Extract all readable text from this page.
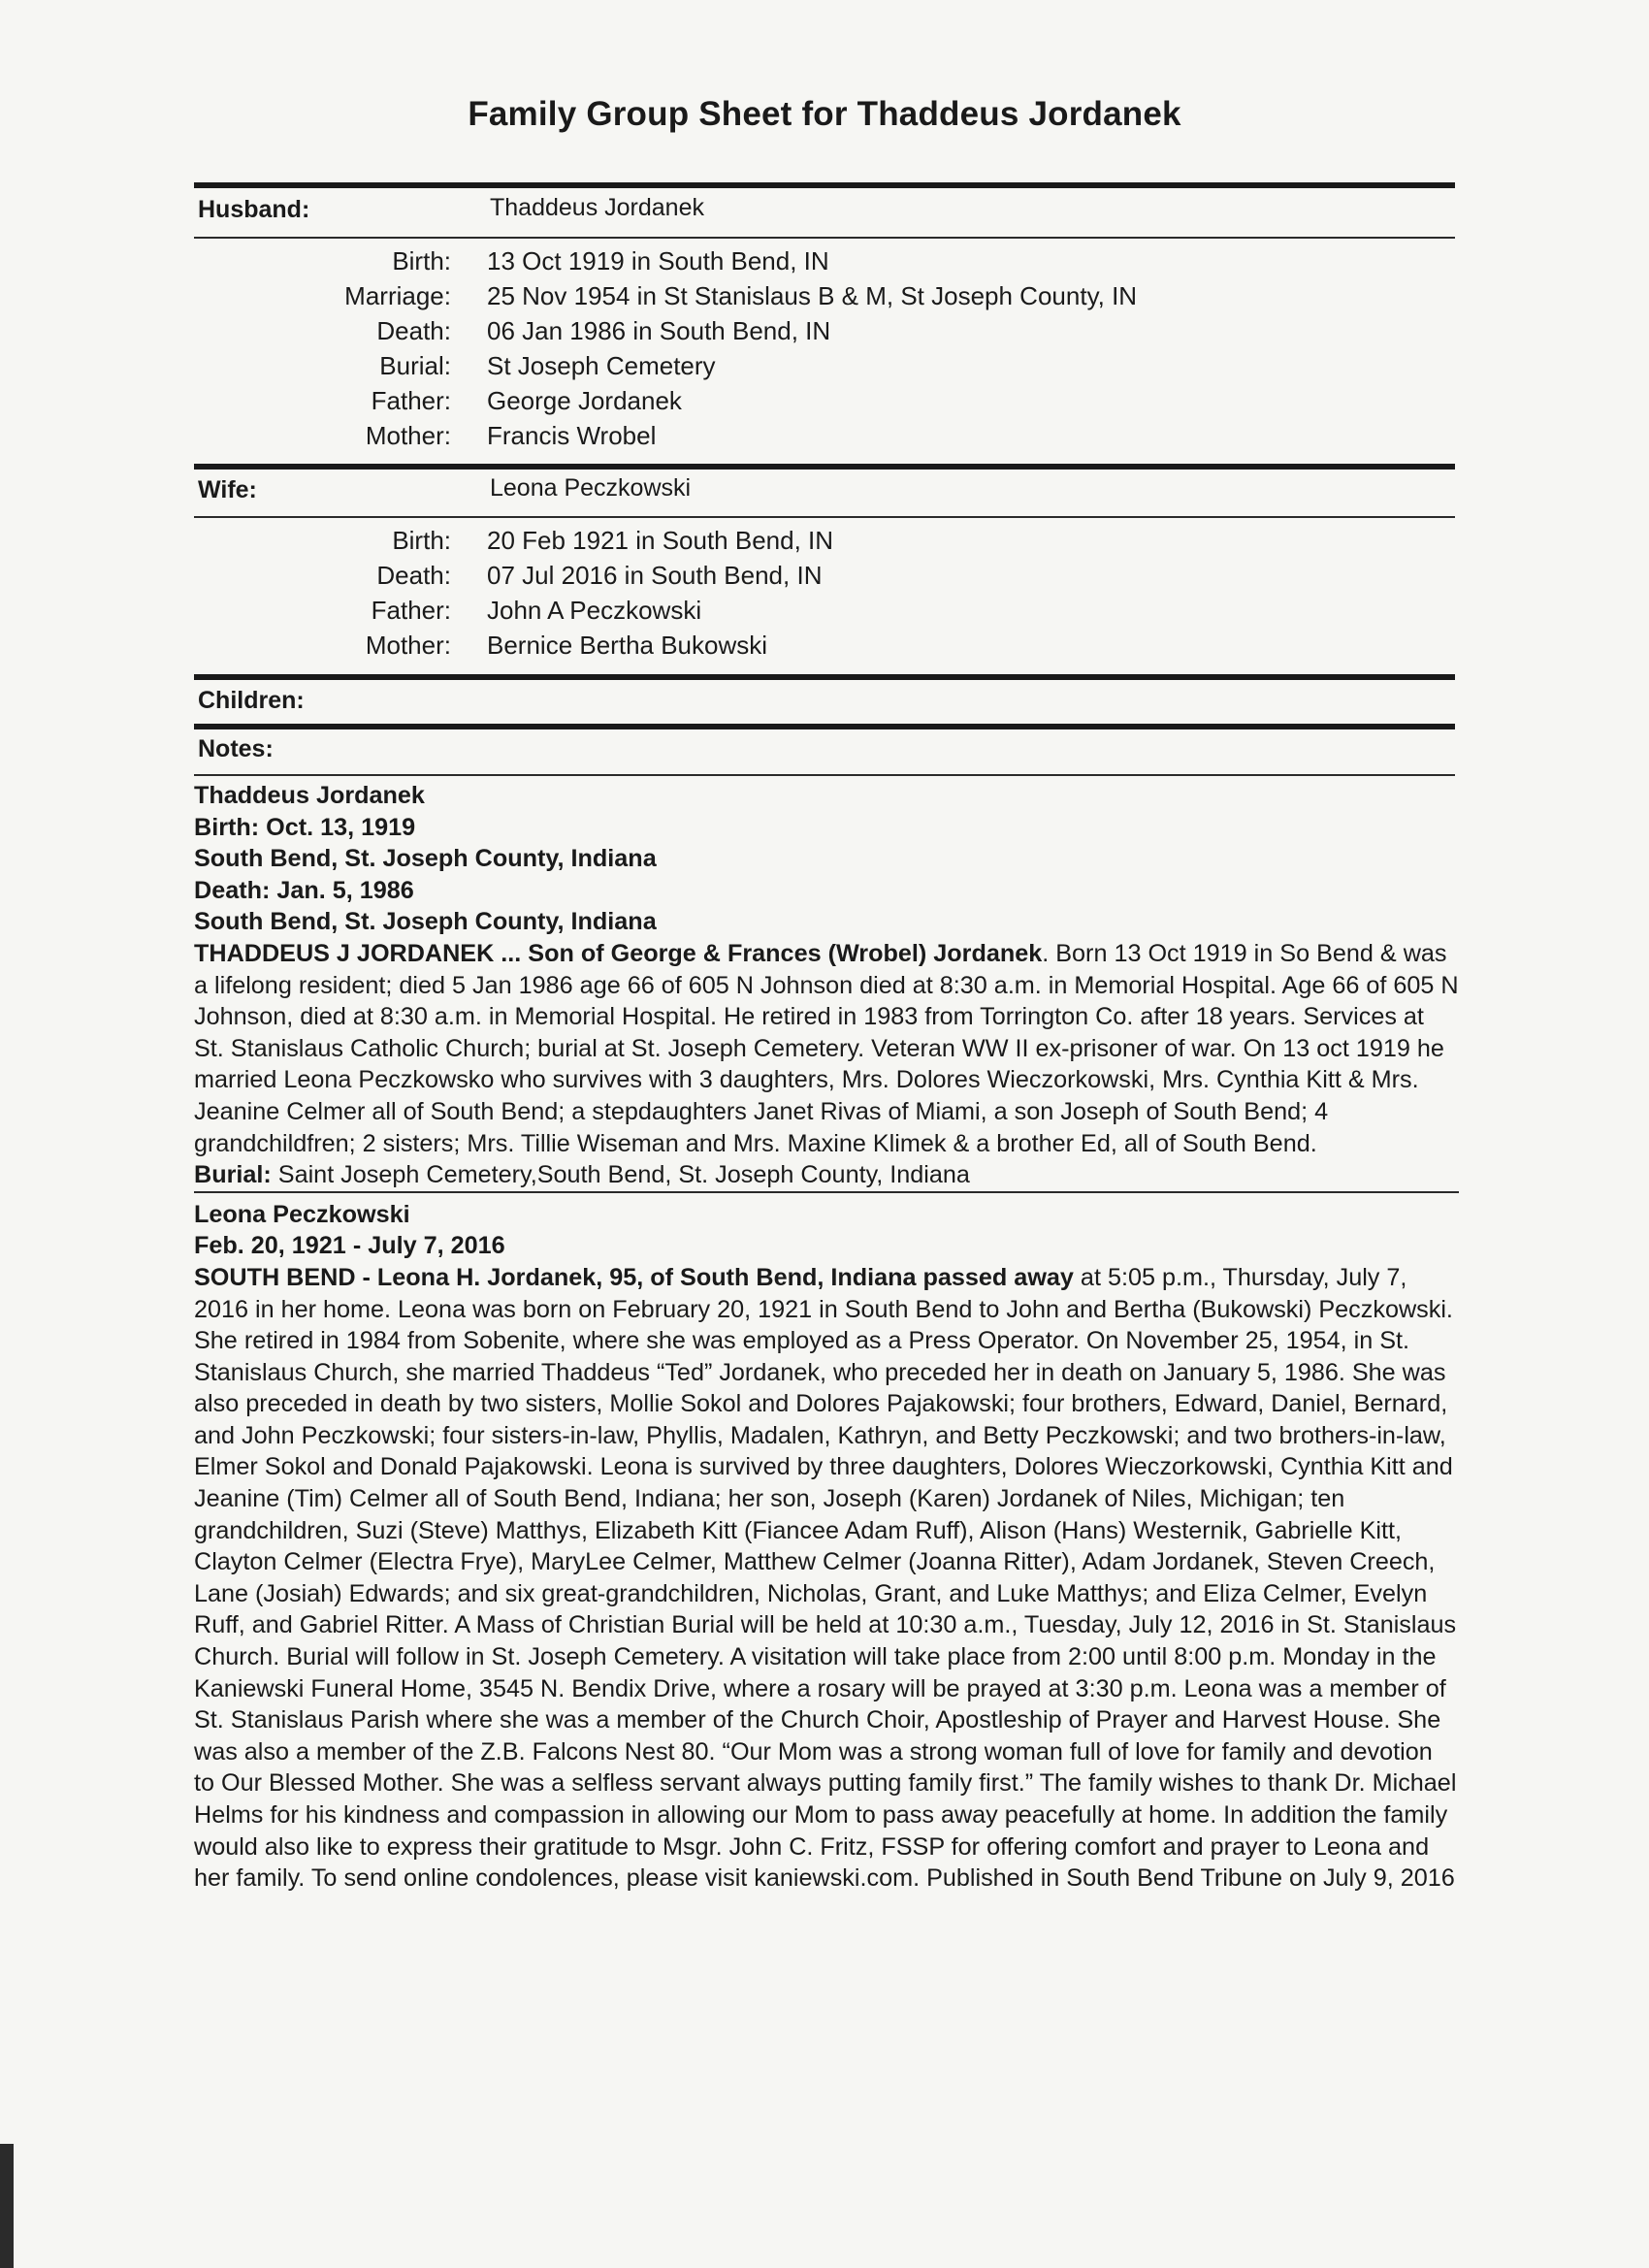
Family Group Sheet for Thaddeus Jordanek
Husband:	Thaddeus Jordanek
Birth: 13 Oct 1919 in South Bend, IN
Marriage: 25 Nov 1954 in St Stanislaus B & M, St Joseph County, IN
Death: 06 Jan 1986 in South Bend, IN
Burial: St Joseph Cemetery
Father: George Jordanek
Mother: Francis Wrobel
Wife:	Leona Peczkowski
Birth: 20 Feb 1921 in South Bend, IN
Death: 07 Jul 2016 in South Bend, IN
Father: John A Peczkowski
Mother: Bernice Bertha Bukowski
Children:
Notes:

Thaddeus Jordanek

Birth: Oct. 13, 1919

South Bend, St. Joseph County, Indiana

Death: Jan. 5, 1986

South Bend, St. Joseph County, Indiana

THADDEUS J JORDANEK ... Son of George & Frances (Wrobel) Jordanek. Born 13 Oct 1919 in So Bend & was a lifelong resident; died 5 Jan 1986 age 66 of 605 N Johnson died at 8:30 a.m. in Memorial Hospital. Age 66 of 605 N Johnson, died at 8:30 a.m. in Memorial Hospital. He retired in 1983 from Torrington Co. after 18 years. Services at St. Stanislaus Catholic Church; burial at St. Joseph Cemetery. Veteran WW II ex-prisoner of war. On 13 oct 1919 he married Leona Peczkowsko who survives with 3 daughters, Mrs. Dolores Wieczorkowski, Mrs. Cynthia Kitt & Mrs. Jeanine Celmer all of South Bend; a stepdaughters Janet Rivas of Miami, a son Joseph of South Bend; 4 grandchildfren; 2 sisters; Mrs. Tillie Wiseman and Mrs. Maxine Klimek & a brother Ed, all of South Bend.

Burial: Saint Joseph Cemetery,South Bend, St. Joseph County, Indiana

Leona Peczkowski

Feb. 20, 1921 - July 7, 2016

SOUTH BEND - Leona H. Jordanek, 95, of South Bend, Indiana passed away at 5:05 p.m., Thursday, July 7, 2016 in her home. Leona was born on February 20, 1921 in South Bend to John and Bertha (Bukowski) Peczkowski. She retired in 1984 from Sobenite, where she was employed as a Press Operator. On November 25, 1954, in St. Stanislaus Church, she married Thaddeus “Ted” Jordanek, who preceded her in death on January 5, 1986. She was also preceded in death by two sisters, Mollie Sokol and Dolores Pajakowski; four brothers, Edward, Daniel, Bernard, and John Peczkowski; four sisters-in-law, Phyllis, Madalen, Kathryn, and Betty Peczkowski; and two brothers-in-law, Elmer Sokol and Donald Pajakowski. Leona is survived by three daughters, Dolores Wieczorkowski, Cynthia Kitt and Jeanine (Tim) Celmer all of South Bend, Indiana; her son, Joseph (Karen) Jordanek of Niles, Michigan; ten grandchildren, Suzi (Steve) Matthys, Elizabeth Kitt (Fiancee Adam Ruff), Alison (Hans) Westernik, Gabrielle Kitt, Clayton Celmer (Electra Frye), MaryLee Celmer, Matthew Celmer (Joanna Ritter), Adam Jordanek, Steven Creech, Lane (Josiah) Edwards; and six great-grandchildren, Nicholas, Grant, and Luke Matthys; and Eliza Celmer, Evelyn Ruff, and Gabriel Ritter. A Mass of Christian Burial will be held at 10:30 a.m., Tuesday, July 12, 2016 in St. Stanislaus Church. Burial will follow in St. Joseph Cemetery. A visitation will take place from 2:00 until 8:00 p.m. Monday in the Kaniewski Funeral Home, 3545 N. Bendix Drive, where a rosary will be prayed at 3:30 p.m. Leona was a member of St. Stanislaus Parish where she was a member of the Church Choir, Apostleship of Prayer and Harvest House. She was also a member of the Z.B. Falcons Nest 80. “Our Mom was a strong woman full of love for family and devotion to Our Blessed Mother. She was a selfless servant always putting family first.” The family wishes to thank Dr. Michael Helms for his kindness and compassion in allowing our Mom to pass away peacefully at home. In addition the family would also like to express their gratitude to Msgr. John C. Fritz, FSSP for offering comfort and prayer to Leona and her family. To send online condolences, please visit kaniewski.com. Published in South Bend Tribune on July 9, 2016
